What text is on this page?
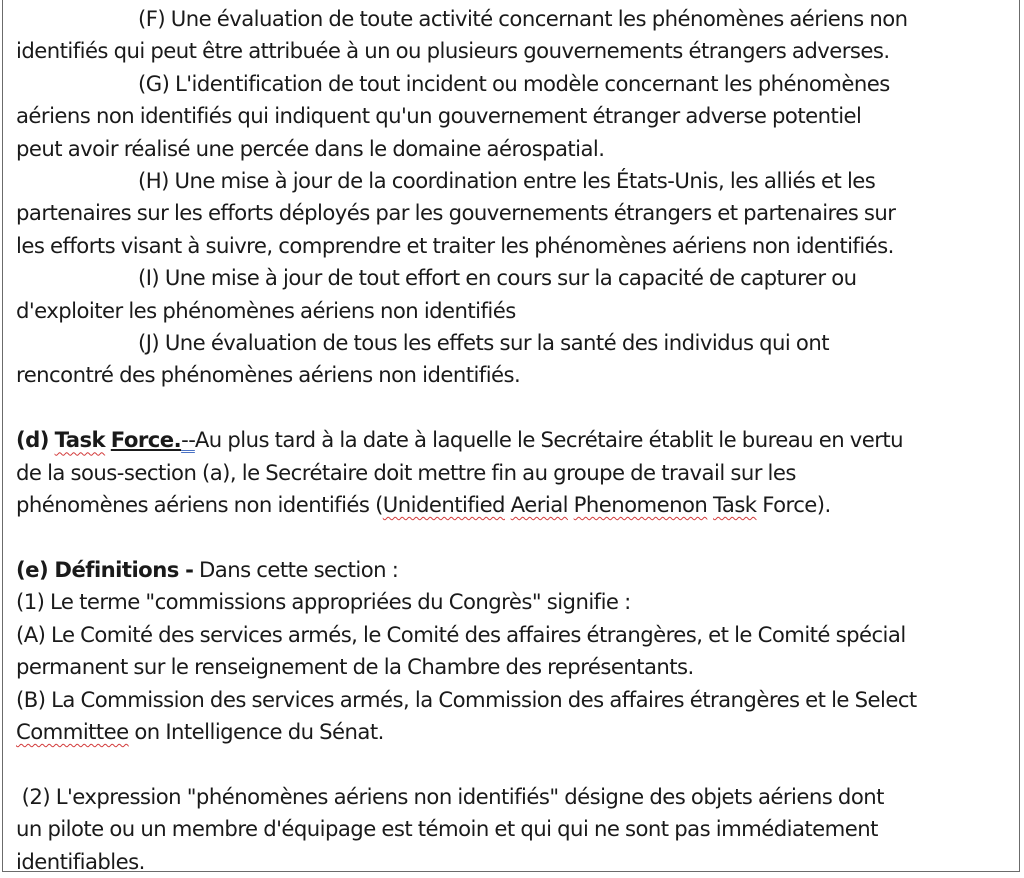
(F) Une évaluation de toute activité concernant les phénomènes aériens non

identifiés qui peut être attribuée à un ou plusieurs gouvernements étrangers adverses.

(G) L'identification de tout incident ou modèle concernant les phénomènes

aériens non identifiés qui indiquent qu'un gouvernement étranger adverse potentiel

peut avoir réalisé une percée dans le domaine aérospatial.

(H) Une mise à jour de la coordination entre les États-Unis, les alliés et les

partenaires sur les efforts déployés par les gouvernements étrangers et partenaires sur

les efforts visant à suivre, comprendre et traiter les phénomènes aériens non identifiés.

(I) Une mise à jour de tout effort en cours sur la capacité de capturer ou

d'exploiter les phénomènes aériens non identifiés

(J) Une évaluation de tous les effets sur la santé des individus qui ont

rencontré des phénomènes aériens non identifiés.

(d) Task Force.--Au plus tard à la date à laquelle le Secrétaire établit le bureau en vertu

de la sous-section (a), le Secrétaire doit mettre fin au groupe de travail sur les

phénomènes aériens non identifiés (Unidentified Aerial Phenomenon Task Force).

(e) Définitions - Dans cette section :

(1) Le terme "commissions appropriées du Congrès" signifie :

(A) Le Comité des services armés, le Comité des affaires étrangères, et le Comité spécial

permanent sur le renseignement de la Chambre des représentants.

(B) La Commission des services armés, la Commission des affaires étrangères et le Select

Committee on Intelligence du Sénat.

(2) L'expression "phénomènes aériens non identifiés" désigne des objets aériens dont

un pilote ou un membre d'équipage est témoin et qui qui ne sont pas immédiatement

identifiables.
